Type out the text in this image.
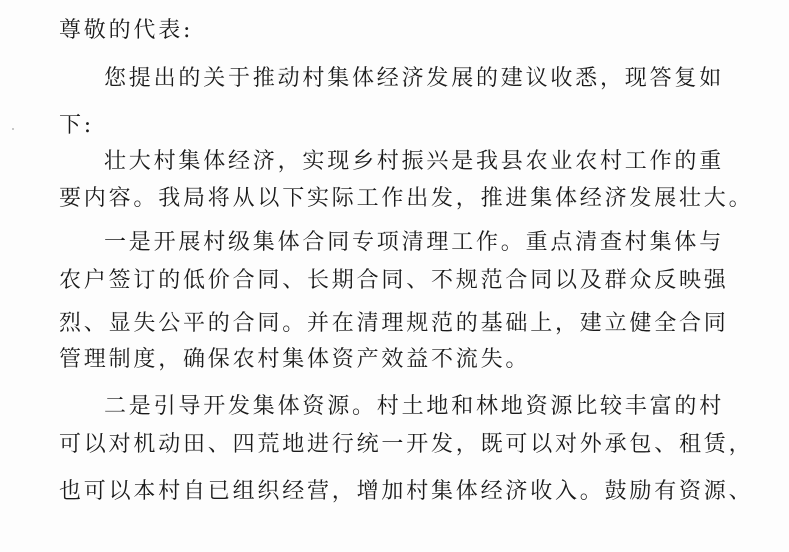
尊敬的代表:
您提出的关于推动村集体经济发展的建议收悉，现答复如
下:
壮大村集体经济，实现乡村振兴是我县农业农村工作的重
要内容。我局将从以下实际工作出发，推进集体经济发展壮大。
一是开展村级集体合同专项清理工作。重点清查村集体与
农户签订的低价合同、长期合同、不规范合同以及群众反映强
烈、显失公平的合同。并在清理规范的基础上，建立健全合同
管理制度，确保农村集体资产效益不流失。
二是引导开发集体资源。村土地和林地资源比较丰富的村
可以对机动田、四荒地进行统一开发，既可以对外承包、租赁，
也可以本村自已组织经营，增加村集体经济收入。鼓励有资源、
